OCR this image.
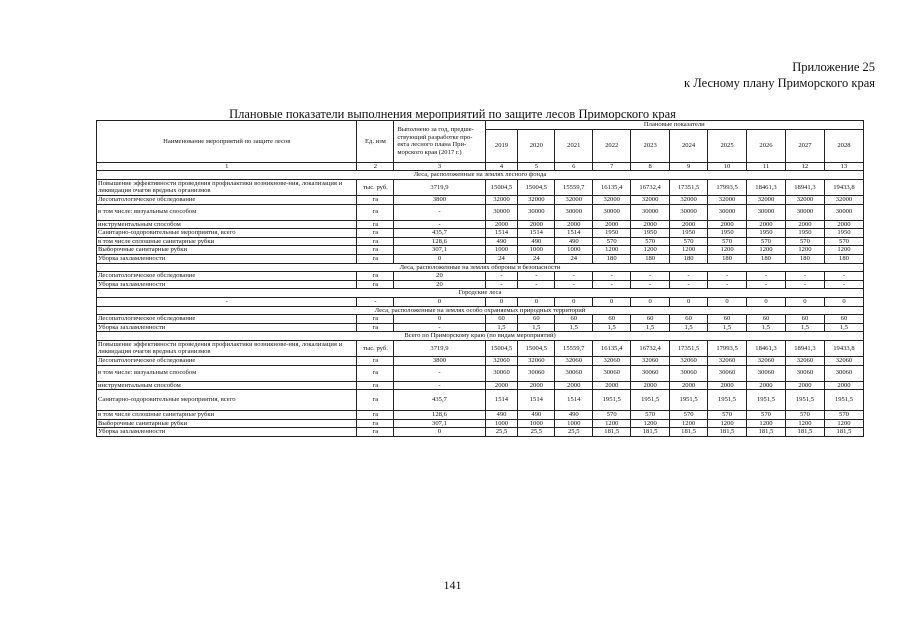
Приложение 25
к Лесному плану Приморского края
Плановые показатели выполнения мероприятий по защите лесов Приморского края
Наименование мероприятий по защите лесов	Ед. изм	Выполнено за год, предше-ствующий разработке про-екта лесного плана При-морского края (2017 г.)	Плановые показатели									
			2019	2020	2021	2022	2023	2024	2025	2026	2027	2028
1	2	3	4	5	6	7	8	9	10	11	12	13
Леса, расположенные на землях лесного фонда												
Повышение эффективности проведения профилактики возникнове-ния, локализация и ликвидация очагов вредных организмов	тыс. руб.	3719,9	15004,5	15004,5	15559,7	16135,4	16732,4	17351,5	17993,5	18461,3	18941,3	19433,8
Лесопатологическое обследование	га	3800	32000	32000	32000	32000	32000	32000	32000	32000	32000	32000
в том числе: визуальным способом	га	-	30000	30000	30000	30000	30000	30000	30000	30000	30000	30000
инструментальным способом	га	-	2000	2000	2000	2000	2000	2000	2000	2000	2000	2000
Санитарно-оздоровительные мероприятия, всего	га	435,7	1514	1514	1514	1950	1950	1950	1950	1950	1950	1950
в том числе сплошные санитарные рубки	га	128,6	490	490	490	570	570	570	570	570	570	570
Выборочные санитарные рубки	га	307,1	1000	1000	1000	1200	1200	1200	1200	1200	1200	1200
Уборка захламленности	га	0	24	24	24	180	180	180	180	180	180	180
Леса, расположенные на землях обороны и безопасности												
Лесопатологическое обследование	га	20	-	-	-	-	-	-	-	-	-	-
Уборка захламленности	га	20	-	-	-	-	-	-	-	-	-	-
Городские леса												
-	-	0	0	0	0	0	0	0	0	0	0	0
Леса, расположенные на землях особо охраняемых природных территорий												
Лесопатологическое обследование	га	0	60	60	60	60	60	60	60	60	60	60
Уборка захламленности	га	-	1,5	1,5	1,5	1,5	1,5	1,5	1,5	1,5	1,5	1,5
Всего по Приморскому краю (по видам мероприятий)												
Повышение эффективности проведения профилактики возникнове-ния, локализация и ликвидация очагов вредных организмов	тыс. руб.	3719,9	15004,5	15004,5	15559,7	16135,4	16732,4	17351,5	17993,5	18461,3	18941,3	19433,8
Лесопатологическое обследование	га	3800	32060	32060	32060	32060	32060	32060	32060	32060	32060	32060
в том числе: визуальным способом	га	-	30060	30060	30060	30060	30060	30060	30060	30060	30060	30060
инструментальным способом	га	-	2000	2000	2000	2000	2000	2000	2000	2000	2000	2000
Санитарно-оздоровительные мероприятия, всего	га	435,7	1514	1514	1514	1951,5	1951,5	1951,5	1951,5	1951,5	1951,5	1951,5
в том числе сплошные санитарные рубки	га	128,6	490	490	490	570	570	570	570	570	570	570
Выборочные санитарные рубки	га	307,1	1000	1000	1000	1200	1200	1200	1200	1200	1200	1200
Уборка захламленности	га	0	25,5	25,5	25,5	181,5	181,5	181,5	181,5	181,5	181,5	181,5
141
